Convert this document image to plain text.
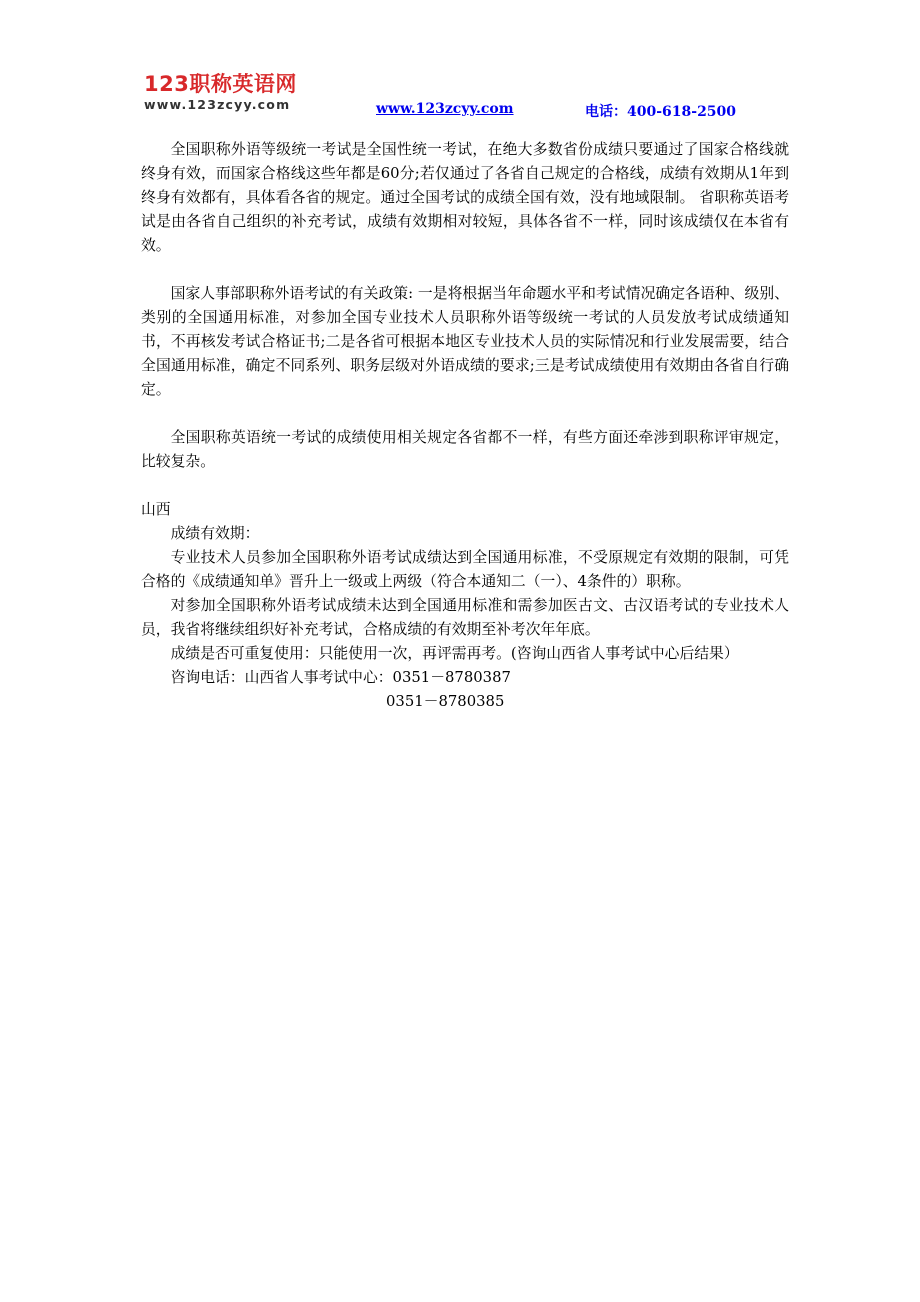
123职称英语网
www.123zcyy.com	www.123zcyy.com	电话：400-618-2500

全国职称外语等级统一考试是全国性统一考试，在绝大多数省份成绩只要通过了国家合格线就终身有效，而国家合格线这些年都是60分;若仅通过了各省自己规定的合格线，成绩有效期从1年到终身有效都有，具体看各省的规定。通过全国考试的成绩全国有效，没有地域限制。 省职称英语考试是由各省自己组织的补充考试，成绩有效期相对较短，具体各省不一样，同时该成绩仅在本省有效。

国家人事部职称外语考试的有关政策: 一是将根据当年命题水平和考试情况确定各语种、级别、类别的全国通用标准，对参加全国专业技术人员职称外语等级统一考试的人员发放考试成绩通知书，不再核发考试合格证书;二是各省可根据本地区专业技术人员的实际情况和行业发展需要，结合全国通用标准，确定不同系列、职务层级对外语成绩的要求;三是考试成绩使用有效期由各省自行确定。

全国职称英语统一考试的成绩使用相关规定各省都不一样，有些方面还牵涉到职称评审规定，比较复杂。

山西

成绩有效期：

专业技术人员参加全国职称外语考试成绩达到全国通用标准，不受原规定有效期的限制，可凭合格的《成绩通知单》晋升上一级或上两级（符合本通知二（一）、4条件的）职称。

对参加全国职称外语考试成绩未达到全国通用标准和需参加医古文、古汉语考试的专业技术人员，我省将继续组织好补充考试，合格成绩的有效期至补考次年年底。

成绩是否可重复使用：只能使用一次，再评需再考。(咨询山西省人事考试中心后结果）

咨询电话：山西省人事考试中心：0351－8780387

0351－8780385
